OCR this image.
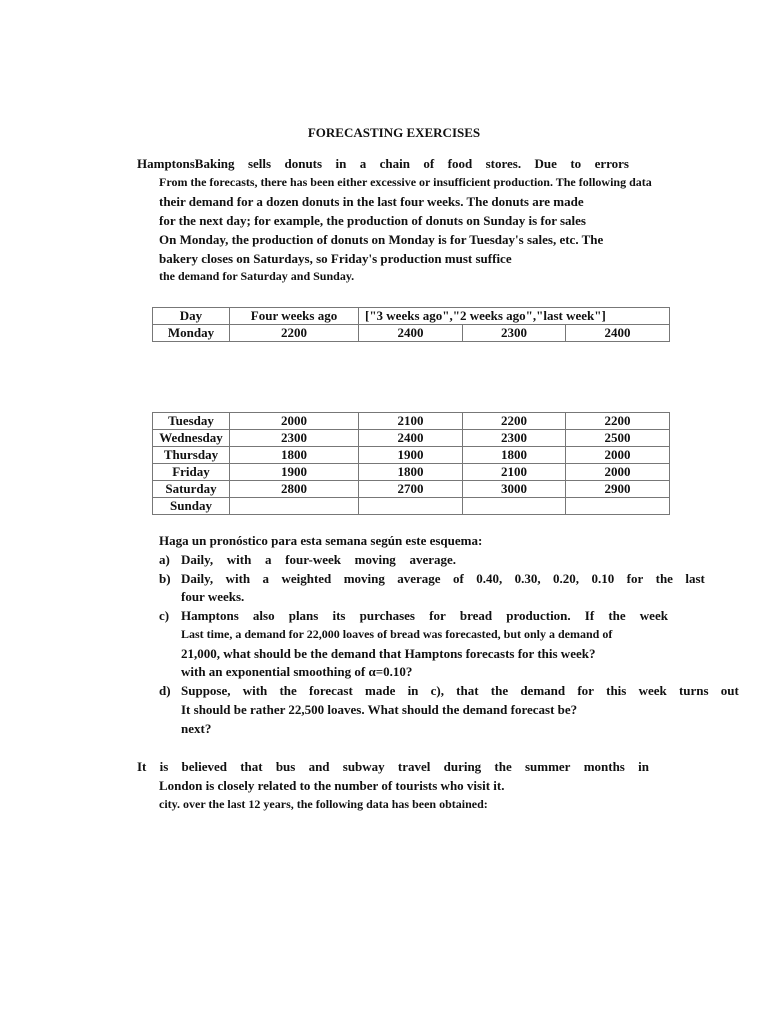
FORECASTING EXERCISES
HamptonsBaking sells donuts in a chain of food stores. Due to errors
From the forecasts, there has been either excessive or insufficient production. The following data
their demand for a dozen donuts in the last four weeks. The donuts are made
for the next day; for example, the production of donuts on Sunday is for sales
On Monday, the production of donuts on Monday is for Tuesday's sales, etc. The
bakery closes on Saturdays, so Friday's production must suffice
the demand for Saturday and Sunday.
Day	Four weeks ago	["3 weeks ago","2 weeks ago","last week"]		
Monday	2200	2400	2300	2400
Tuesday	2000	2100	2200	2200
Wednesday	2300	2400	2300	2500
Thursday	1800	1900	1800	2000
Friday	1900	1800	2100	2000
Saturday	2800	2700	3000	2900
Sunday				
Haga un pronóstico para esta semana según este esquema:
a) Daily, with a four-week moving average.
b) Daily, with a weighted moving average of 0.40, 0.30, 0.20, 0.10 for the last
four weeks.
c) Hamptons also plans its purchases for bread production. If the week
Last time, a demand for 22,000 loaves of bread was forecasted, but only a demand of
21,000, what should be the demand that Hamptons forecasts for this week?
with an exponential smoothing of α=0.10?
d) Suppose, with the forecast made in c), that the demand for this week turns out
It should be rather 22,500 loaves. What should the demand forecast be?
next?
It is believed that bus and subway travel during the summer months in
London is closely related to the number of tourists who visit it.
city. over the last 12 years, the following data has been obtained:
